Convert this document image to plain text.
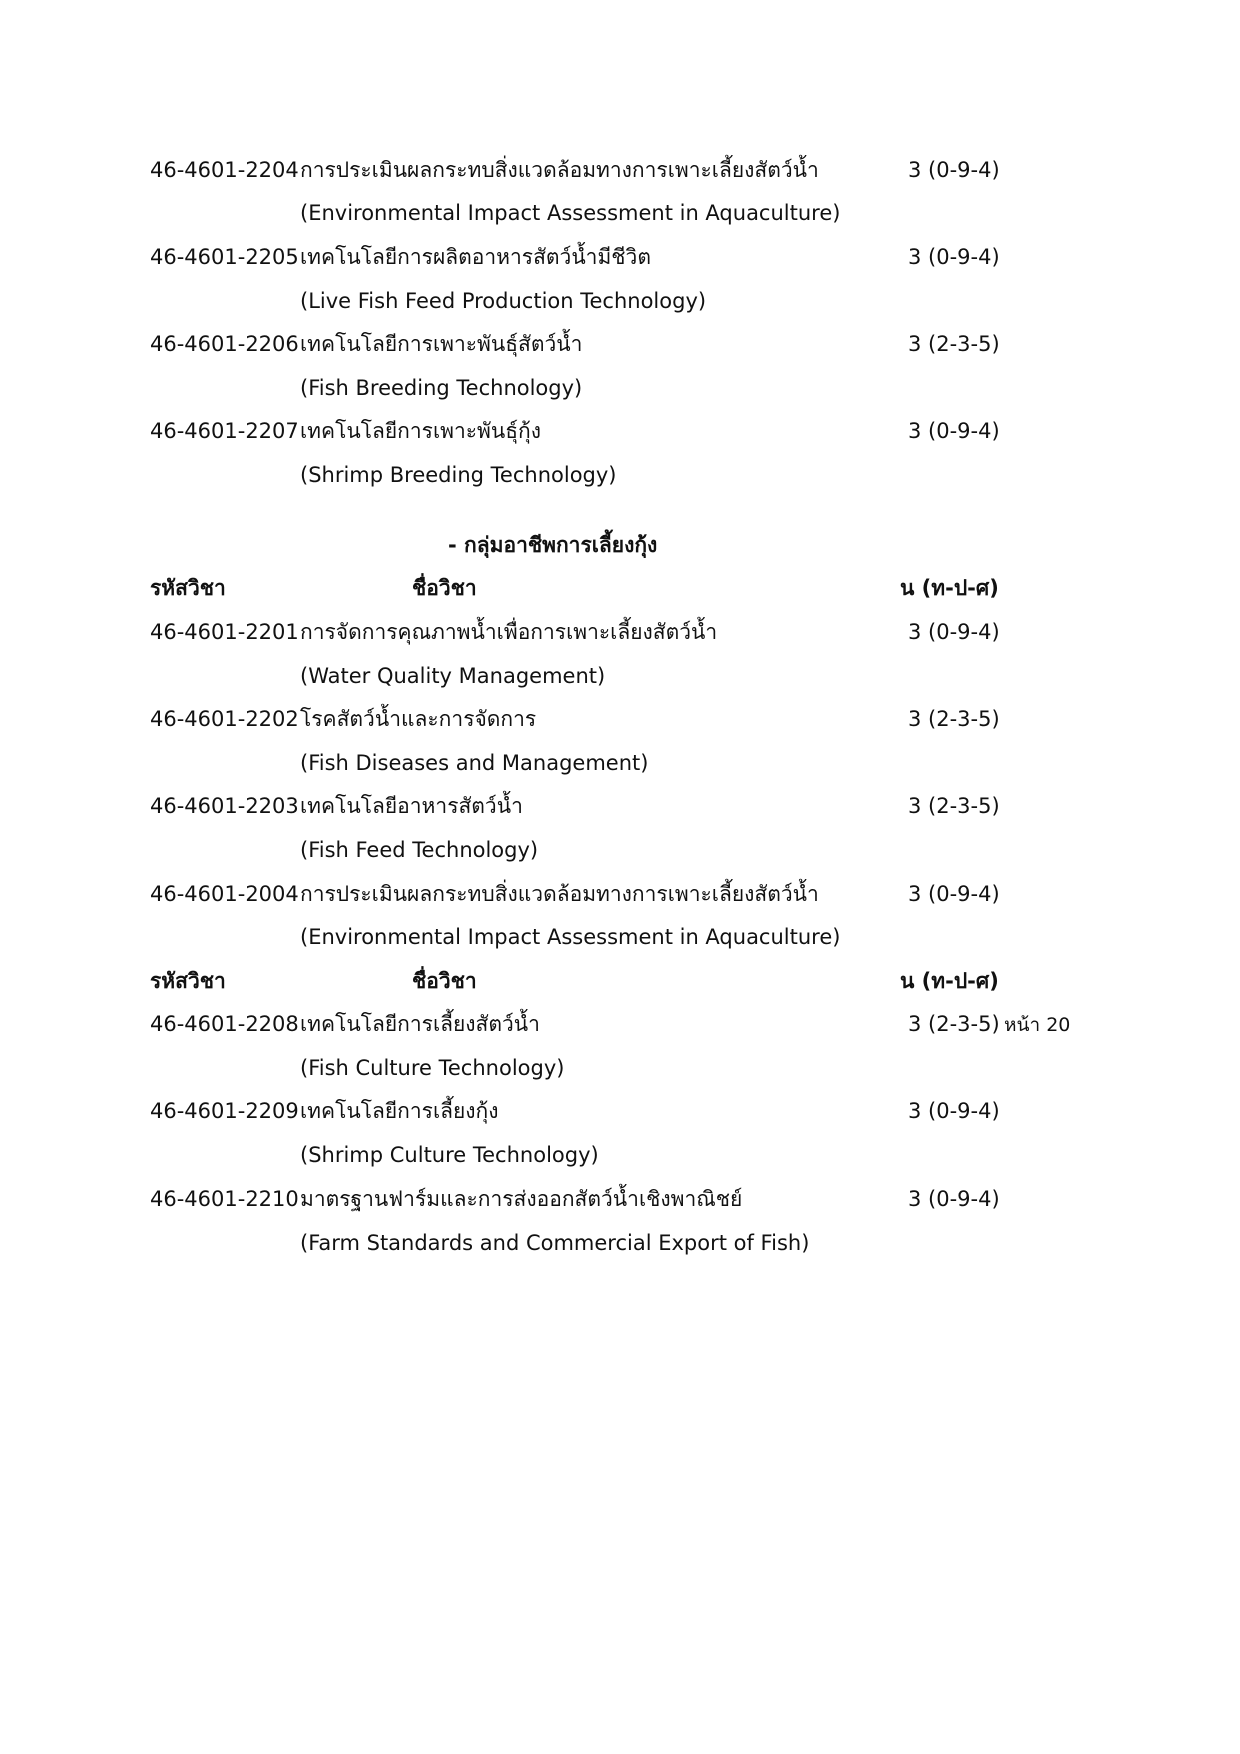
46-4601-2204 การประเมินผลกระทบสิ่งแวดล้อมทางการเพาะเลี้ยงสัตว์น้ำ	3 (0-9-4)
(Environmental Impact Assessment in Aquaculture)
46-4601-2205 เทคโนโลยีการผลิตอาหารสัตว์น้ำมีชีวิต	3 (0-9-4)
(Live Fish Feed Production Technology)
46-4601-2206 เทคโนโลยีการเพาะพันธุ์สัตว์น้ำ	3 (2-3-5)
(Fish Breeding Technology)
46-4601-2207 เทคโนโลยีการเพาะพันธุ์กุ้ง	3 (0-9-4)
(Shrimp Breeding Technology)
- กลุ่มอาชีพการเลี้ยงกุ้ง
รหัสวิชา	ชื่อวิชา	น (ท-ป-ศ)
46-4601-2201 การจัดการคุณภาพน้ำเพื่อการเพาะเลี้ยงสัตว์น้ำ	3 (0-9-4)
(Water Quality Management)
46-4601-2202 โรคสัตว์น้ำและการจัดการ	3 (2-3-5)
(Fish Diseases and Management)
46-4601-2203 เทคโนโลยีอาหารสัตว์น้ำ	3 (2-3-5)
(Fish Feed Technology)
46-4601-2004 การประเมินผลกระทบสิ่งแวดล้อมทางการเพาะเลี้ยงสัตว์น้ำ	3 (0-9-4)
(Environmental Impact Assessment in Aquaculture)
รหัสวิชา	ชื่อวิชา	น (ท-ป-ศ)
46-4601-2208 เทคโนโลยีการเลี้ยงสัตว์น้ำ	3 (2-3-5)
(Fish Culture Technology)
หน้า 20
46-4601-2209 เทคโนโลยีการเลี้ยงกุ้ง	3 (0-9-4)
(Shrimp Culture Technology)
46-4601-2210 มาตรฐานฟาร์มและการส่งออกสัตว์น้ำเชิงพาณิชย์	3 (0-9-4)
(Farm Standards and Commercial Export of Fish)
